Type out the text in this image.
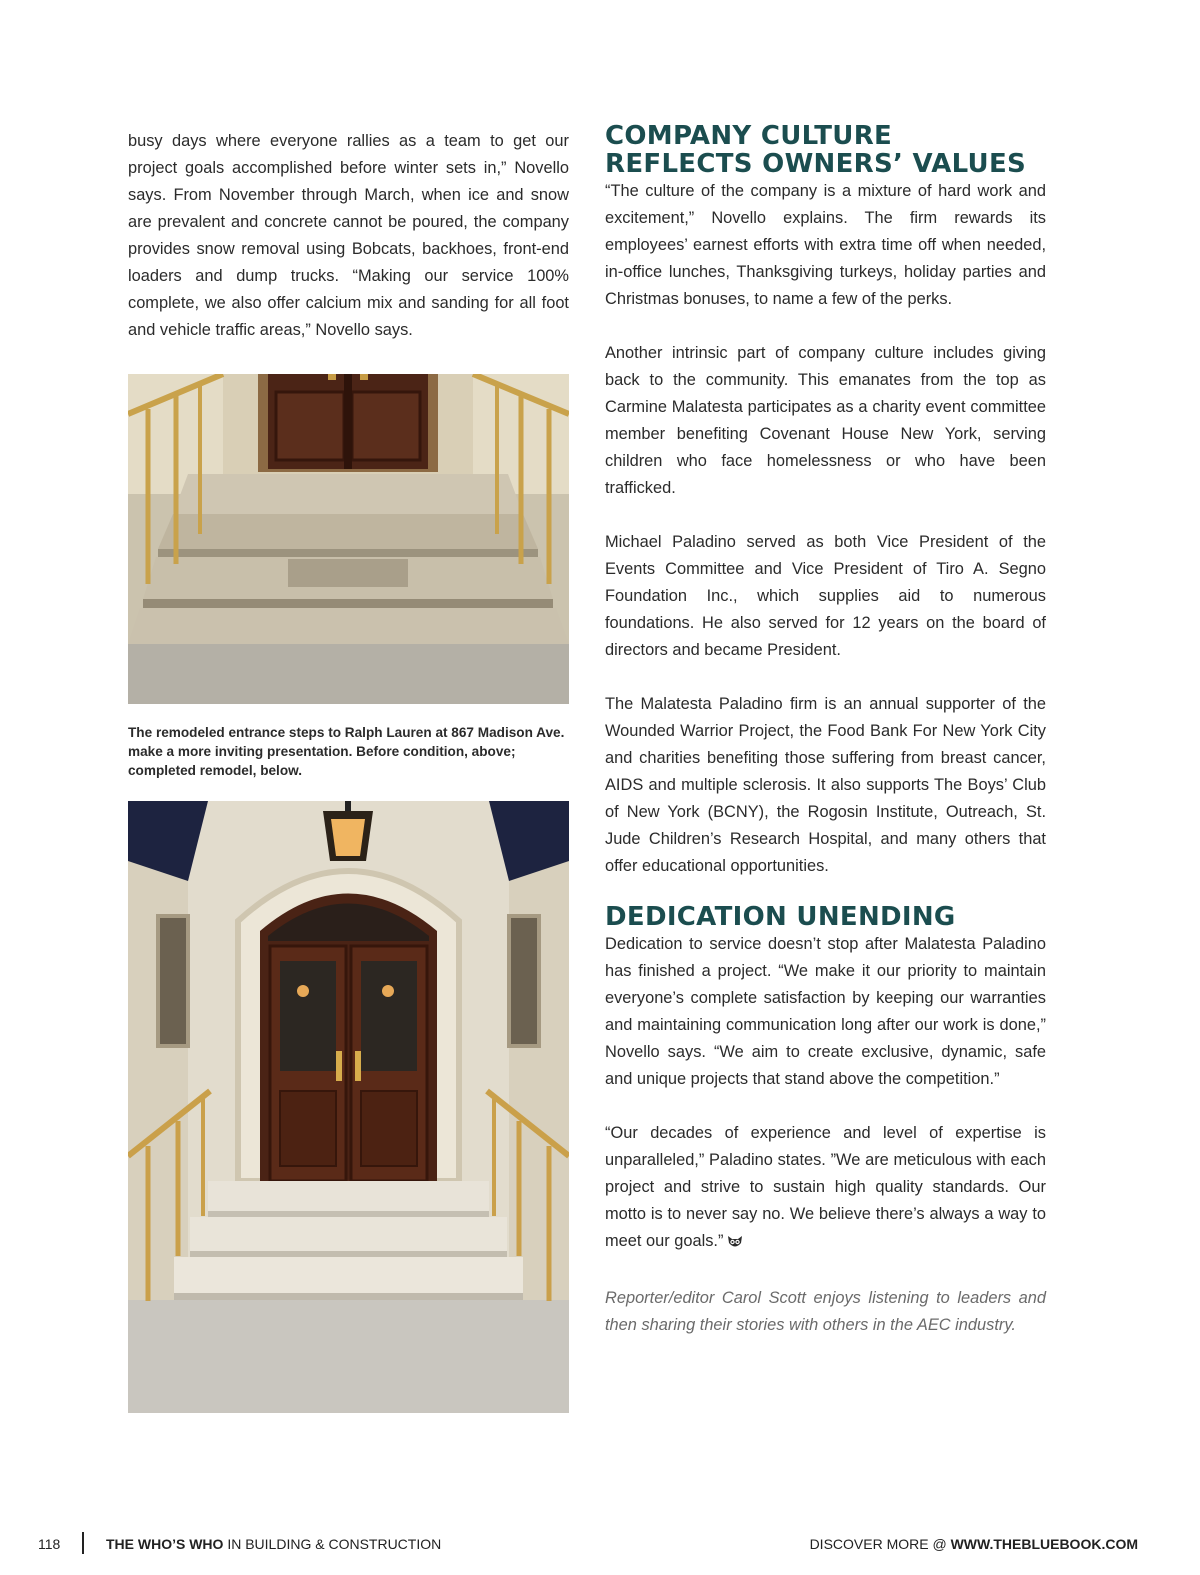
busy days where everyone rallies as a team to get our project goals accomplished before winter sets in,” Novello says. From November through March, when ice and snow are prevalent and concrete cannot be poured, the company provides snow removal using Bobcats, backhoes, front-end loaders and dump trucks. “Making our service 100% complete, we also offer calcium mix and sanding for all foot and vehicle traffic areas,” Novello says.

The remodeled entrance steps to Ralph Lauren at 867 Madison Ave. make a more inviting presentation. Before condition, above; completed remodel, below.

COMPANY CULTURE REFLECTS OWNERS’ VALUES

“The culture of the company is a mixture of hard work and excitement,” Novello explains. The firm rewards its employees’ earnest efforts with extra time off when needed, in-office lunches, Thanksgiving turkeys, holiday parties and Christmas bonuses, to name a few of the perks.

Another intrinsic part of company culture includes giving back to the community. This emanates from the top as Carmine Malatesta participates as a charity event committee member benefiting Covenant House New York, serving children who face homelessness or who have been trafficked.

Michael Paladino served as both Vice President of the Events Committee and Vice President of Tiro A. Segno Foundation Inc., which supplies aid to numerous foundations. He also served for 12 years on the board of directors and became President.

The Malatesta Paladino firm is an annual supporter of the Wounded Warrior Project, the Food Bank For New York City and charities benefiting those suffering from breast cancer, AIDS and multiple sclerosis. It also supports The Boys’ Club of New York (BCNY), the Rogosin Institute, Outreach, St. Jude Children’s Research Hospital, and many others that offer educational opportunities.

DEDICATION UNENDING

Dedication to service doesn’t stop after Malatesta Paladino has finished a project. “We make it our priority to maintain everyone’s complete satisfaction by keeping our warranties and maintaining communication long after our work is done,” Novello says. “We aim to create exclusive, dynamic, safe and unique projects that stand above the competition.”

“Our decades of experience and level of expertise is unparalleled,” Paladino states. ”We are meticulous with each project and strive to sustain high quality standards. Our motto is to never say no. We believe there’s always a way to meet our goals.”

Reporter/editor Carol Scott enjoys listening to leaders and then sharing their stories with others in the AEC industry.

118	THE WHO’S WHO IN BUILDING & CONSTRUCTION	DISCOVER MORE @ WWW.THEBLUEBOOK.COM
